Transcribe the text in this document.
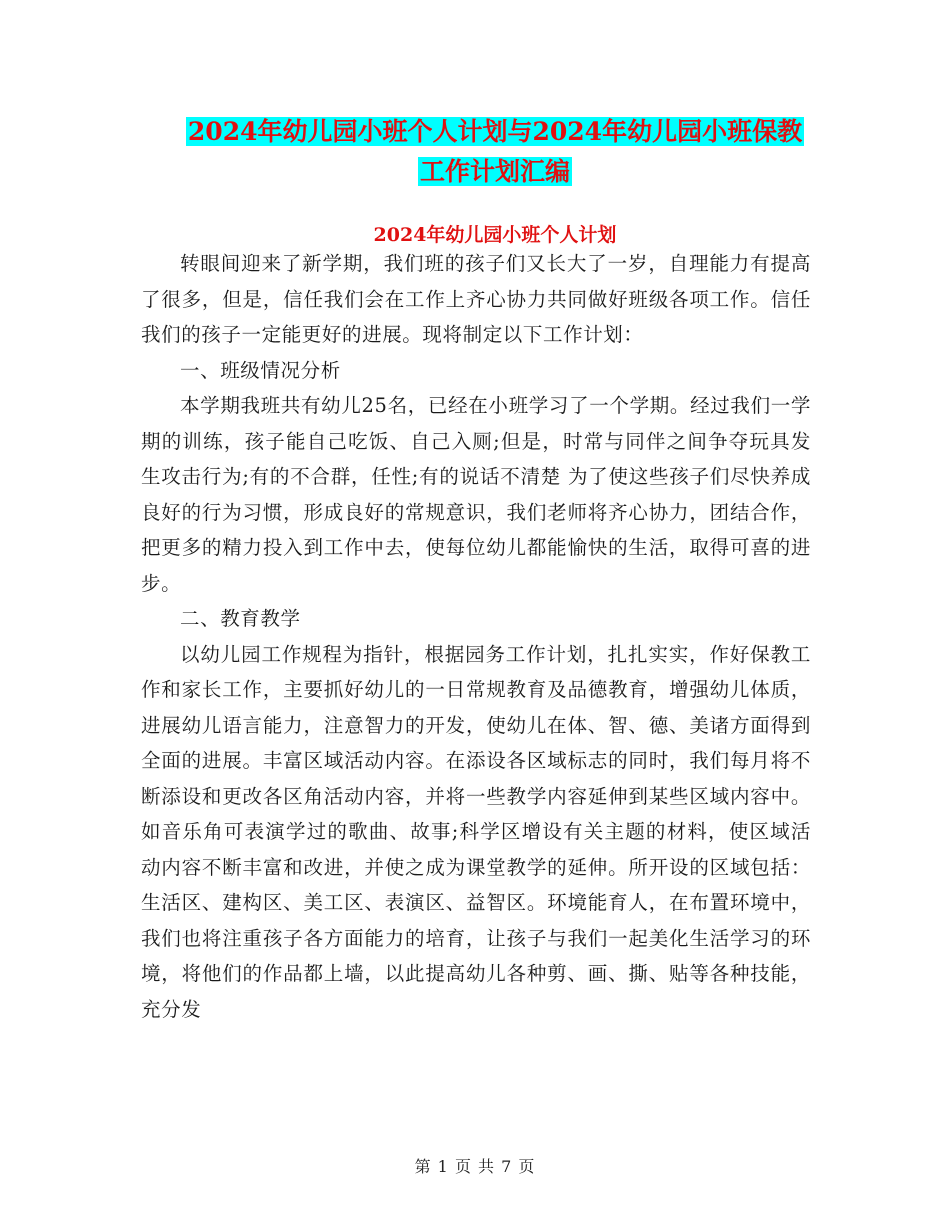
2024年幼儿园小班个人计划与2024年幼儿园小班保教
工作计划汇编
2024年幼儿园小班个人计划

转眼间迎来了新学期，我们班的孩子们又长大了一岁，自理能力有提高了很多，但是，信任我们会在工作上齐心协力共同做好班级各项工作。信任我们的孩子一定能更好的进展。现将制定以下工作计划：

一、班级情况分析

本学期我班共有幼儿25名，已经在小班学习了一个学期。经过我们一学期的训练，孩子能自己吃饭、自己入厕;但是，时常与同伴之间争夺玩具发生攻击行为;有的不合群，任性;有的说话不清楚 为了使这些孩子们尽快养成良好的行为习惯，形成良好的常规意识，我们老师将齐心协力，团结合作，把更多的精力投入到工作中去，使每位幼儿都能愉快的生活，取得可喜的进步。

二、教育教学

以幼儿园工作规程为指针，根据园务工作计划，扎扎实实，作好保教工作和家长工作，主要抓好幼儿的一日常规教育及品德教育，增强幼儿体质，进展幼儿语言能力，注意智力的开发，使幼儿在体、智、德、美诸方面得到全面的进展。丰富区域活动内容。在添设各区域标志的同时，我们每月将不断添设和更改各区角活动内容，并将一些教学内容延伸到某些区域内容中。如音乐角可表演学过的歌曲、故事;科学区增设有关主题的材料，使区域活动内容不断丰富和改进，并使之成为课堂教学的延伸。所开设的区域包括：生活区、建构区、美工区、表演区、益智区。环境能育人，在布置环境中，我们也将注重孩子各方面能力的培育，让孩子与我们一起美化生活学习的环境，将他们的作品都上墙，以此提高幼儿各种剪、画、撕、贴等各种技能，充分发

第 1 页 共 7 页
